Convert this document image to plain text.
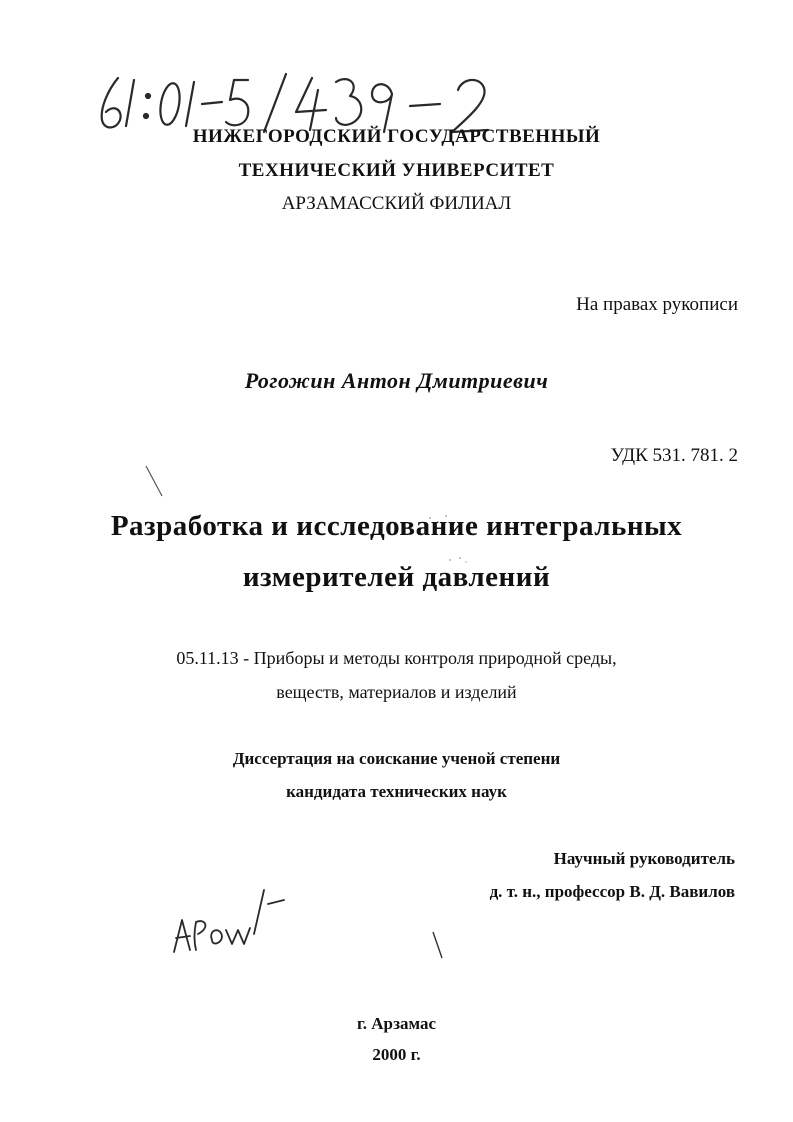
НИЖЕГОРОДСКИЙ ГОСУДАРСТВЕННЫЙ
ТЕХНИЧЕСКИЙ УНИВЕРСИТЕТ
АРЗАМАССКИЙ ФИЛИАЛ
На правах рукописи
Рогожин Антон Дмитриевич
УДК 531. 781. 2
Разработка и исследование интегральных
измерителей давлений
05.11.13 - Приборы и методы контроля природной среды,
веществ, материалов и изделий
Диссертация на соискание ученой степени
кандидата технических наук
Научный руководитель
д. т. н., профессор В. Д. Вавилов
г. Арзамас
2000 г.
